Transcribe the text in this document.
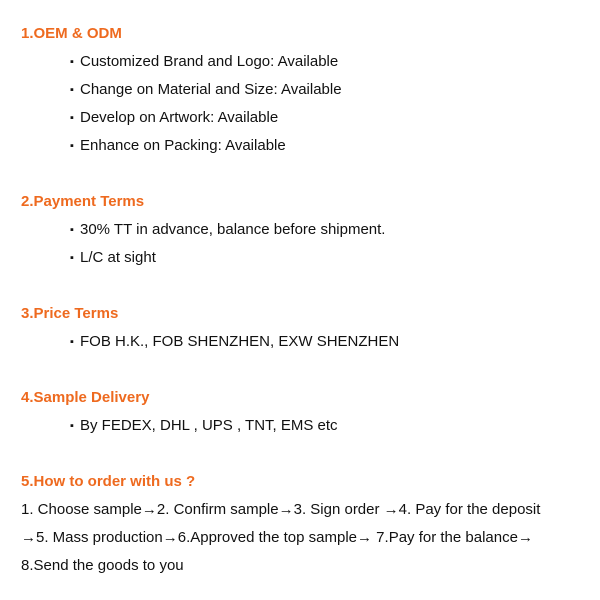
1.OEM & ODM
▪ Customized Brand and Logo: Available
▪ Change on Material and Size: Available
▪ Develop on Artwork: Available
▪ Enhance on Packing: Available
2.Payment Terms
▪ 30% TT in advance, balance before shipment.
▪ L/C at sight
3.Price Terms
▪ FOB H.K., FOB SHENZHEN, EXW SHENZHEN
4.Sample Delivery
▪ By FEDEX, DHL , UPS , TNT, EMS etc
5.How to order with us ?
1. Choose sample→2. Confirm sample→3. Sign order →4. Pay for the deposit
→5. Mass production→6.Approved the top sample→ 7.Pay for the balance→
8.Send the goods to you
